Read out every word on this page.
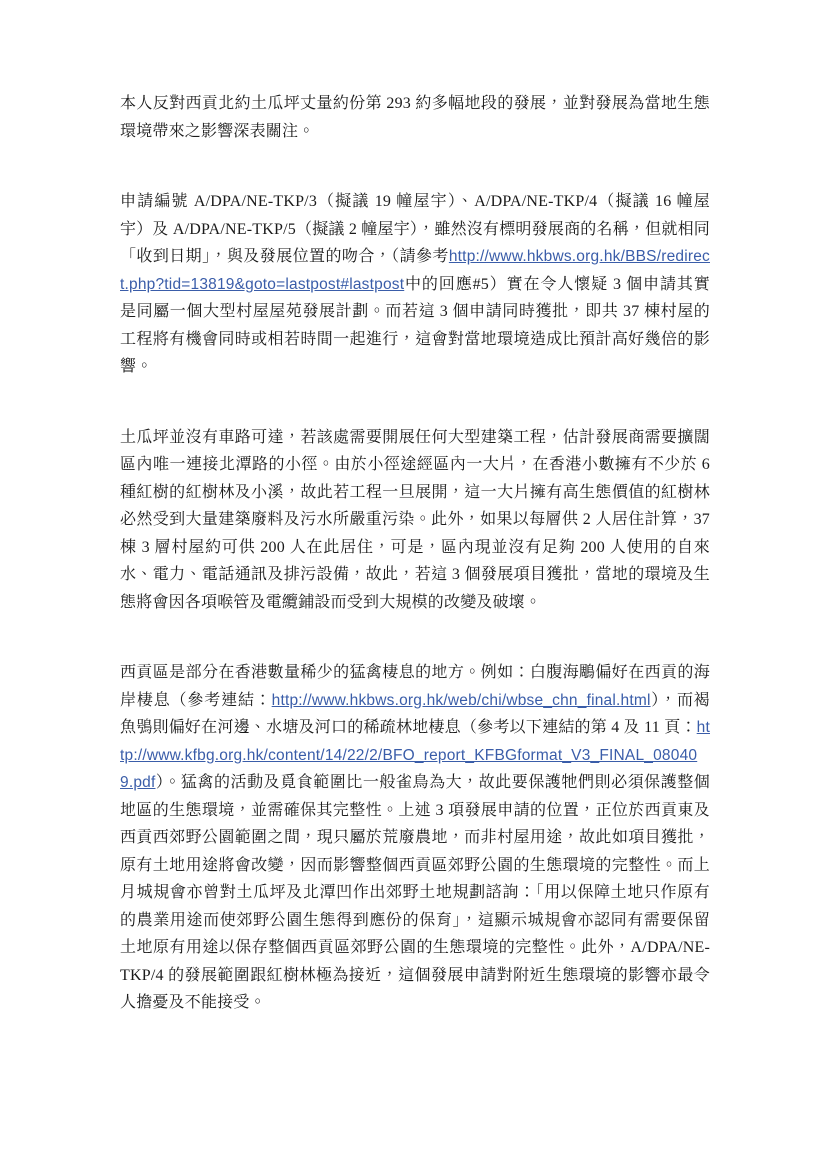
本人反對西貢北約土瓜坪丈量約份第 293 約多幅地段的發展，並對發展為當地生態環境帶來之影響深表關注。

申請編號 A/DPA/NE-TKP/3（擬議 19 幢屋宇）、A/DPA/NE-TKP/4（擬議 16 幢屋宇）及 A/DPA/NE-TKP/5（擬議 2 幢屋宇），雖然沒有標明發展商的名稱，但就相同「收到日期」，與及發展位置的吻合，（請參考http://www.hkbws.org.hk/BBS/redirect.php?tid=13819&goto=lastpost#lastpost中的回應#5）實在令人懷疑 3 個申請其實是同屬一個大型村屋屋苑發展計劃。而若這 3 個申請同時獲批，即共 37 棟村屋的工程將有機會同時或相若時間一起進行，這會對當地環境造成比預計高好幾倍的影響。

土瓜坪並沒有車路可達，若該處需要開展任何大型建築工程，估計發展商需要擴闊區內唯一連接北潭路的小徑。由於小徑途經區內一大片，在香港小數擁有不少於 6 種紅樹的紅樹林及小溪，故此若工程一旦展開，這一大片擁有高生態價值的紅樹林必然受到大量建築廢料及污水所嚴重污染。此外，如果以每層供 2 人居住計算，37 棟 3 層村屋約可供 200 人在此居住，可是，區內現並沒有足夠 200 人使用的自來水、電力、電話通訊及排污設備，故此，若這 3 個發展項目獲批，當地的環境及生態將會因各項喉管及電纜鋪設而受到大規模的改變及破壞。

西貢區是部分在香港數量稀少的猛禽棲息的地方。例如：白腹海鵰偏好在西貢的海岸棲息（參考連結：http://www.hkbws.org.hk/web/chi/wbse_chn_final.html），而褐魚鴞則偏好在河邊、水塘及河口的稀疏林地棲息（參考以下連結的第 4 及 11 頁：http://www.kfbg.org.hk/content/14/22/2/BFO_report_KFBGformat_V3_FINAL_080409.pdf）。猛禽的活動及覓食範圍比一般雀鳥為大，故此要保護牠們則必須保護整個地區的生態環境，並需確保其完整性。上述 3 項發展申請的位置，正位於西貢東及西貢西郊野公園範圍之間，現只屬於荒廢農地，而非村屋用途，故此如項目獲批，原有土地用途將會改變，因而影響整個西貢區郊野公園的生態環境的完整性。而上月城規會亦曾對土瓜坪及北潭凹作出郊野土地規劃諮詢：「用以保障土地只作原有的農業用途而使郊野公園生態得到應份的保育」，這顯示城規會亦認同有需要保留土地原有用途以保存整個西貢區郊野公園的生態環境的完整性。此外，A/DPA/NE-TKP/4 的發展範圍跟紅樹林極為接近，這個發展申請對附近生態環境的影響亦最令人擔憂及不能接受。
